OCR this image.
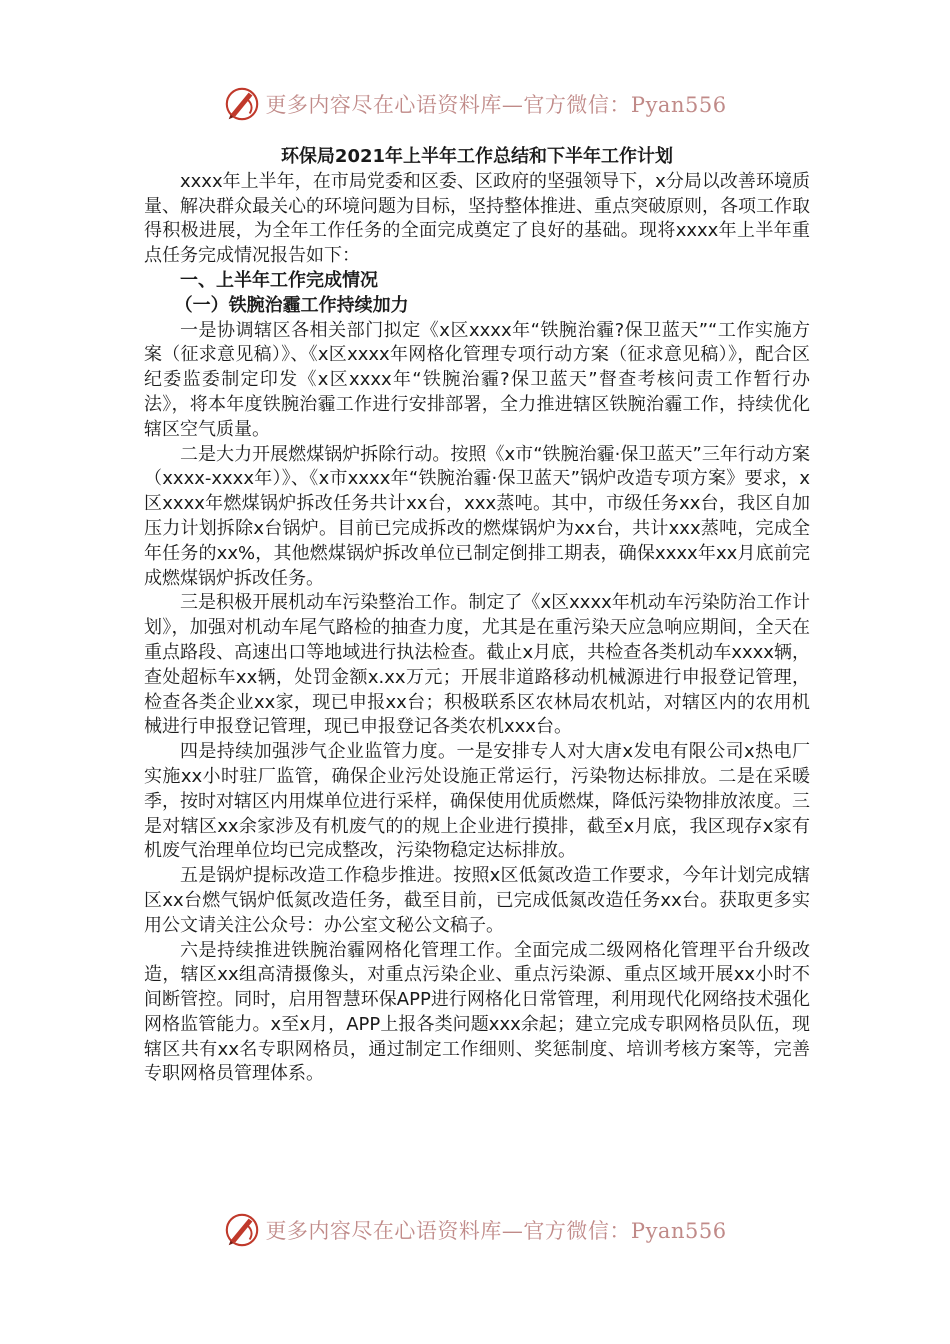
更多内容尽在心语资料库—官方微信：Pyan556

环保局2021年上半年工作总结和下半年工作计划

xxxx年上半年，在市局党委和区委、区政府的坚强领导下，x分局以改善环境质量、解决群众最关心的环境问题为目标，坚持整体推进、重点突破原则，各项工作取得积极进展，为全年工作任务的全面完成奠定了良好的基础。现将xxxx年上半年重点任务完成情况报告如下：

一、上半年工作完成情况

（一）铁腕治霾工作持续加力

一是协调辖区各相关部门拟定《x区xxxx年“铁腕治霾?保卫蓝天”“工作实施方案（征求意见稿）》、《x区xxxx年网格化管理专项行动方案（征求意见稿）》，配合区纪委监委制定印发《x区xxxx年“铁腕治霾?保卫蓝天”督查考核问责工作暂行办法》，将本年度铁腕治霾工作进行安排部署，全力推进辖区铁腕治霾工作，持续优化辖区空气质量。

二是大力开展燃煤锅炉拆除行动。按照《x市“铁腕治霾·保卫蓝天”三年行动方案（xxxx-xxxx年）》、《x市xxxx年“铁腕治霾·保卫蓝天”锅炉改造专项方案》要求，x区xxxx年燃煤锅炉拆改任务共计xx台，xxx蒸吨。其中，市级任务xx台，我区自加压力计划拆除x台锅炉。目前已完成拆改的燃煤锅炉为xx台，共计xxx蒸吨，完成全年任务的xx%，其他燃煤锅炉拆改单位已制定倒排工期表，确保xxxx年xx月底前完成燃煤锅炉拆改任务。

三是积极开展机动车污染整治工作。制定了《x区xxxx年机动车污染防治工作计划》，加强对机动车尾气路检的抽查力度，尤其是在重污染天应急响应期间，全天在重点路段、高速出口等地域进行执法检查。截止x月底，共检查各类机动车xxxx辆，查处超标车xx辆，处罚金额x.xx万元；开展非道路移动机械源进行申报登记管理，检查各类企业xx家，现已申报xx台；积极联系区农林局农机站，对辖区内的农用机械进行申报登记管理，现已申报登记各类农机xxx台。

四是持续加强涉气企业监管力度。一是安排专人对大唐x发电有限公司x热电厂实施xx小时驻厂监管，确保企业污处设施正常运行，污染物达标排放。二是在采暖季，按时对辖区内用煤单位进行采样，确保使用优质燃煤，降低污染物排放浓度。三是对辖区xx余家涉及有机废气的的规上企业进行摸排，截至x月底，我区现存x家有机废气治理单位均已完成整改，污染物稳定达标排放。

五是锅炉提标改造工作稳步推进。按照x区低氮改造工作要求，今年计划完成辖区xx台燃气锅炉低氮改造任务，截至目前，已完成低氮改造任务xx台。获取更多实用公文请关注公众号：办公室文秘公文稿子。

六是持续推进铁腕治霾网格化管理工作。全面完成二级网格化管理平台升级改造，辖区xx组高清摄像头，对重点污染企业、重点污染源、重点区域开展xx小时不间断管控。同时，启用智慧环保APP进行网格化日常管理，利用现代化网络技术强化网格监管能力。x至x月，APP上报各类问题xxx余起；建立完成专职网格员队伍，现辖区共有xx名专职网格员，通过制定工作细则、奖惩制度、培训考核方案等，完善专职网格员管理体系。

更多内容尽在心语资料库—官方微信：Pyan556
